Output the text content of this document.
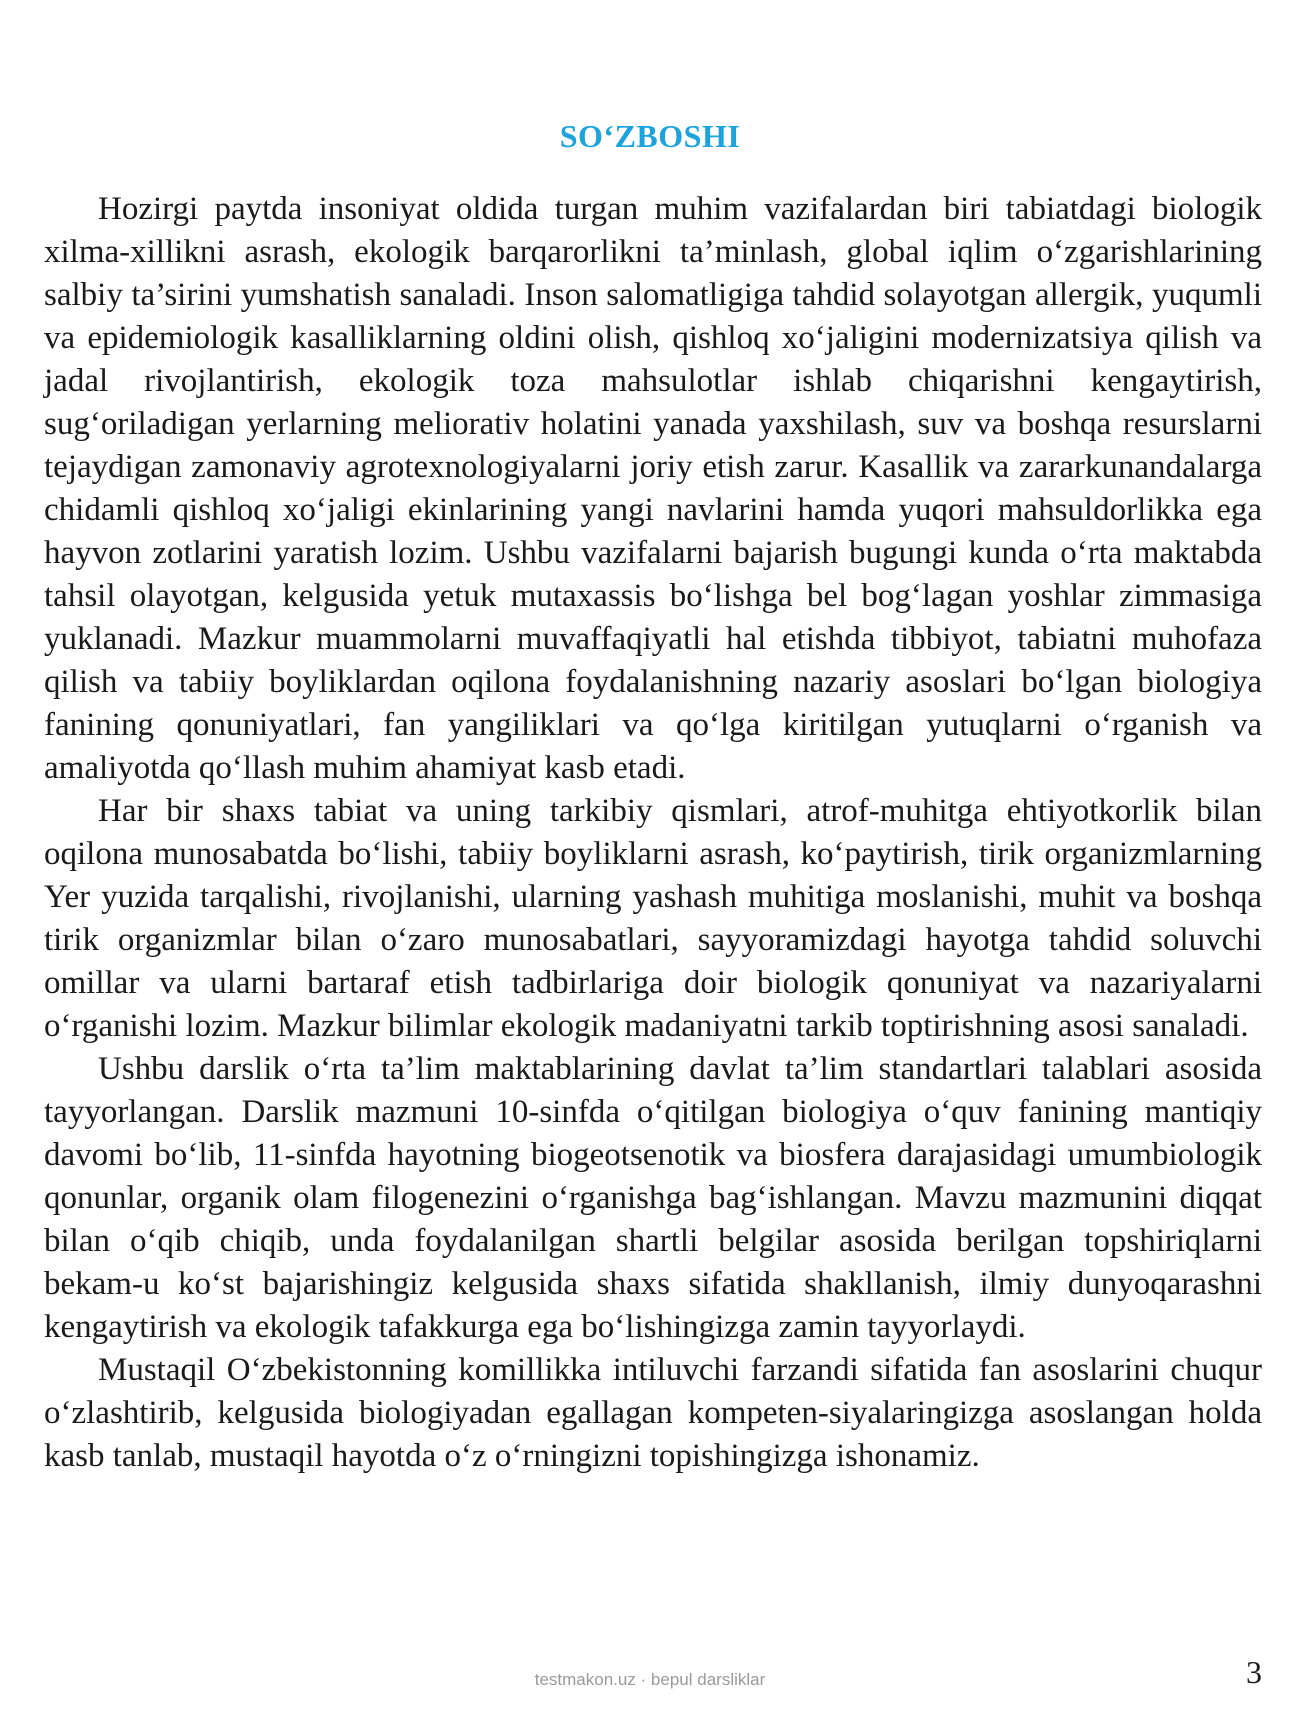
SO‘ZBOSHI

Hozirgi paytda insoniyat oldida turgan muhim vazifalardan biri tabiatdagi biologik xilma-xillikni asrash, ekologik barqarorlikni ta’minlash, global iqlim o‘zgarishlarining salbiy ta’sirini yumshatish sanaladi. Inson salomatligiga tahdid solayotgan allergik, yuqumli va epidemiologik kasalliklarning oldini olish, qishloq xo‘jaligini modernizatsiya qilish va jadal rivojlantirish, ekologik toza mahsulotlar ishlab chiqarishni kengaytirish, sug‘oriladigan yerlarning meliorativ holatini yanada yaxshilash, suv va boshqa resurslarni tejaydigan zamonaviy agrotexnologiyalarni joriy etish zarur. Kasallik va zararkunandalarga chidamli qishloq xo‘jaligi ekinlarining yangi navlarini hamda yuqori mahsuldorlikka ega hayvon zotlarini yaratish lozim. Ushbu vazifalarni bajarish bugungi kunda o‘rta maktabda tahsil olayotgan, kelgusida yetuk mutaxassis bo‘lishga bel bog‘lagan yoshlar zimmasiga yuklanadi. Mazkur muammolarni muvaffaqiyatli hal etishda tibbiyot, tabiatni muhofaza qilish va tabiiy boyliklardan oqilona foydalanishning nazariy asoslari bo‘lgan biologiya fanining qonuniyatlari, fan yangiliklari va qo‘lga kiritilgan yutuqlarni o‘rganish va amaliyotda qo‘llash muhim ahamiyat kasb etadi.

Har bir shaxs tabiat va uning tarkibiy qismlari, atrof-muhitga ehtiyotkorlik bilan oqilona munosabatda bo‘lishi, tabiiy boyliklarni asrash, ko‘paytirish, tirik organizmlarning Yer yuzida tarqalishi, rivojlanishi, ularning yashash muhitiga moslanishi, muhit va boshqa tirik organizmlar bilan o‘zaro munosabatlari, sayyoramizdagi hayotga tahdid soluvchi omillar va ularni bartaraf etish tadbirlariga doir biologik qonuniyat va nazariyalarni o‘rganishi lozim. Mazkur bilimlar ekologik madaniyatni tarkib toptirishning asosi sanaladi.

Ushbu darslik o‘rta ta’lim maktablarining davlat ta’lim standartlari talablari asosida tayyorlangan. Darslik mazmuni 10-sinfda o‘qitilgan biologiya o‘quv fanining mantiqiy davomi bo‘lib, 11-sinfda hayotning biogeotsenotik va biosfera darajasidagi umumbiologik qonunlar, organik olam filogenezini o‘rganishga bag‘ishlangan. Mavzu mazmunini diqqat bilan o‘qib chiqib, unda foydalanilgan shartli belgilar asosida berilgan topshiriqlarni bekam-u ko‘st bajarishingiz kelgusida shaxs sifatida shakllanish, ilmiy dunyoqarashni kengaytirish va ekologik tafakkurga ega bo‘lishingizga zamin tayyorlaydi.

Mustaqil O‘zbekistonning komillikka intiluvchi farzandi sifatida fan asoslarini chuqur o‘zlashtirib, kelgusida biologiyadan egallagan kompeten-siyalaringizga asoslangan holda kasb tanlab, mustaqil hayotda o‘z o‘rningizni topishingizga ishonamiz.

testmakon.uz · bepul darsliklar	3
